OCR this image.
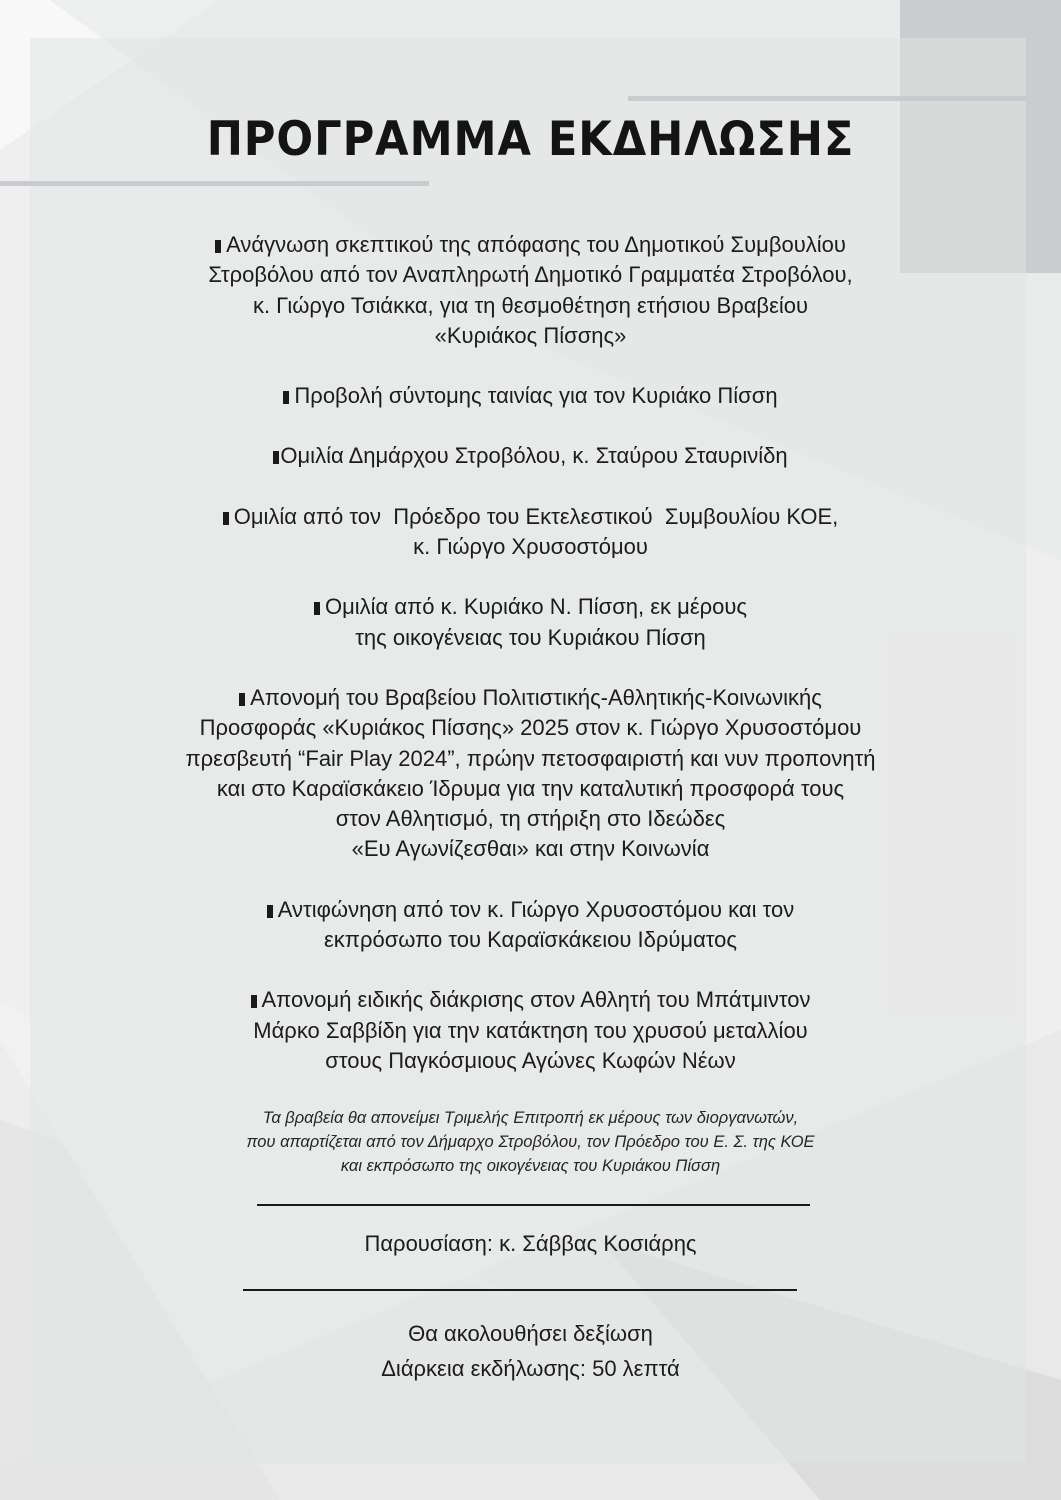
ΠΡΟΓΡΑΜΜΑ ΕΚΔΗΛΩΣΗΣ
Ανάγνωση σκεπτικού της απόφασης του Δημοτικού Συμβουλίου
Στροβόλου από τον Αναπληρωτή Δημοτικό Γραμματέα Στροβόλου,
κ. Γιώργο Τσιάκκα, για τη θεσμοθέτηση ετήσιου Βραβείου
«Κυριάκος Πίσσης»
Προβολή σύντομης ταινίας για τον Κυριάκο Πίσση
Ομιλία Δημάρχου Στροβόλου, κ. Σταύρου Σταυρινίδη
Ομιλία από τον  Πρόεδρο του Εκτελεστικού  Συμβουλίου ΚΟΕ,
κ. Γιώργο Χρυσοστόμου
Ομιλία από κ. Κυριάκο Ν. Πίσση, εκ μέρους
της οικογένειας του Κυριάκου Πίσση
Απονομή του Βραβείου Πολιτιστικής-Αθλητικής-Κοινωνικής
Προσφοράς «Κυριάκος Πίσσης» 2025 στον κ. Γιώργο Χρυσοστόμου
πρεσβευτή “Fair Play 2024”, πρώην πετοσφαιριστή και νυν προπονητή
και στο Καραϊσκάκειο Ίδρυμα για την καταλυτική προσφορά τους
στον Αθλητισμό, τη στήριξη στο Ιδεώδες
«Ευ Αγωνίζεσθαι» και στην Κοινωνία
Αντιφώνηση από τον κ. Γιώργο Χρυσοστόμου και τον
εκπρόσωπο του Καραϊσκάκειου Ιδρύματος
Απονομή ειδικής διάκρισης στον Αθλητή του Μπάτμιντον
Μάρκο Σαββίδη για την κατάκτηση του χρυσού μεταλλίου
στους Παγκόσμιους Αγώνες Κωφών Νέων
Τα βραβεία θα απονείμει Τριμελής Επιτροπή εκ μέρους των διοργανωτών,
που απαρτίζεται από τον Δήμαρχο Στροβόλου, τον Πρόεδρο του Ε. Σ. της ΚΟΕ
και εκπρόσωπο της οικογένειας του Κυριάκου Πίσση
Παρουσίαση: κ. Σάββας Κοσιάρης
Θα ακολουθήσει δεξίωση
Διάρκεια εκδήλωσης: 50 λεπτά
